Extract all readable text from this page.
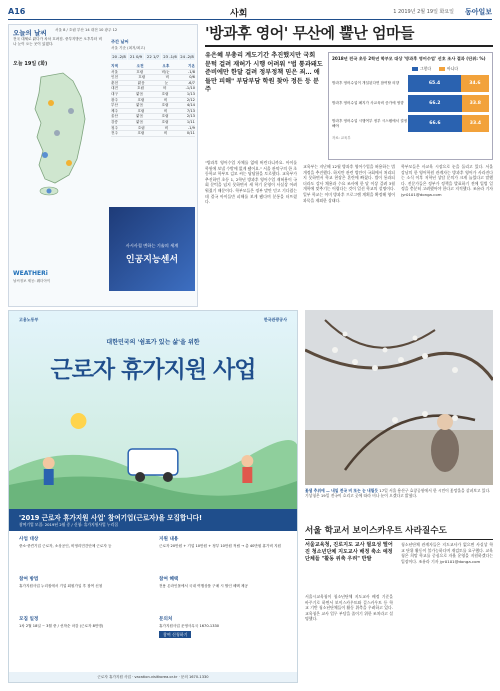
A16	사회	1 2019년 2월 19일 화요일 동아일보
오늘의 날씨 서울 8 / 흐림 부산 14 대전 10 광주 12
전국 대체로 맑다가 차차 흐려짐. 중부지방은 오후부터 비나 눈이 오는 곳이 있겠다.
오늘 19일 (화)
주간 날씨
서울 기준 (최저/최고)
20 -2/8	21 0/9	22 1/7	23 -1/6 24 -2/8
지역	오전	오후	기온
서울	흐림	비/눈	-1/8
인천	흐림	비	0/6
춘천	맑음	눈	-6/7
대전	흐림	비	-1/10
대구	맑음	흐림	1/13
광주	흐림	비	2/12
부산	맑음	흐림	4/14
제주	흐림	비	7/13
울산	맑음	흐림	2/13
강릉	맑음	흐림	1/11
청주	흐림	비	-1/9
전주	흐림	비	0/11
사시사철 변하는 기술의 세계
인공지능센서
WEATHERi
날씨정보 제공: 웨더아이
'방과후 영어' 무산에 뿔난 엄마들
유은혜 부총리 계도기간 추진했지만 국회 문턱 걸려 재허가 시행 어려워 "법 통과돼도 준비에만 한달 걸려 정부정책 믿은 죄… 애들만 피해" 부담부담 학원 찾아 정든 등 분주
2018년 전국 초등 2학년 학부모 대상 '방과후 영어수업' 선호 조사 결과 (단위: %)
그렇다	아니다
방과후 영어수업이 개설된다면 참여할 의향	65.4	34.6
방과후 영어수업 폐지가 사교육비 증가에 영향	66.2	33.8
방과후 영어수업 시행여부 정부 시스템에서 결정해야	66.6	33.4
자료: 교육부
"방과후 영어수업 자체를 없애 버린다니까요. 아이를 학원에 보낼 수밖에 없게 됐어요." 서울 관악구의 한 초등학교 학부모 김모 씨는 답답함을 토로했다. 교육부가 추진하던 초등 1, 2학년 방과후 영어수업 재허용이 국회 문턱을 넘지 못하면서 새 학기 운영이 사실상 어려워졌기 때문이다. 학부모들은 정부 말만 믿고 기다렸는데 결국 아이들만 피해를 보게 됐다며 분통을 터뜨렸다.
교육부는 지난해 12월 방과후 영어수업을 허용하는 법 개정을 추진했다. 하지만 관련 법안이 국회에서 처리되지 못하면서 학교 현장은 혼란에 빠졌다. 법이 통과되더라도 강사 채용과 수요 조사에 한 달 이상 걸려 3월 개학에 맞추기는 어렵다는 것이 일선 학교의 설명이다. 일부 학교는 이미 방과후 프로그램 계획을 확정해 영어 과목을 제외한 상태다.
학부모들은 사교육 시장으로 눈을 돌리고 있다. 서울 강남의 한 영어학원 관계자는 방과후 영어가 사라진다는 소식 이후 저학년 상담 문의가 크게 늘었다고 말했다. 전문가들은 정부가 정책을 발표하기 전에 입법 일정을 충분히 고려했어야 한다고 지적했다. 조유라 기자 jyr0101@donga.com
고용노동부	한국관광공사
대한민국의 '쉼표가 있는 삶'을 위한
근로자 휴가지원 사업
'2019 근로자 휴가지원 사업' 참여기업(근로자)을 모집합니다!
참여기업 모집: 2019년 2월 중 / 신청: 휴가지원사업 누리집
사업 대상
중소·중견기업 근로자, 소상공인, 비영리민간단체 근로자 등
지원 내용
근로자 20만원 + 기업 10만원 + 정부 10만원 적립 → 총 40만원 휴가비 지원
참여 방법
휴가지원사업 누리집에서 기업 회원가입 후 참여 신청
참여 혜택
전용 온라인몰에서 국내 여행상품 구매 시 할인 혜택 제공
모집 일정
1차 2월 18일 ~ 3월 중 / 선착순 마감 (근로자 8만명)
문의처
휴가지원사업 운영사무국 1670-1330
참여 신청하기
근로자 휴가지원 사업 · vacation.visitkorea.or.kr · 문의 1670-1330
꽃샘 추위에 — 내일 전국 비 또는 눈 내릴듯 17일 서울 용산구 효창공원에서 한 시민이 꽃망울을 살펴보고 있다. 기상청은 19일 전국이 흐리고 곳에 따라 비나 눈이 오겠다고 밝혔다.
서울 학교서 보이스카우트 사라질수도
서울교육청, 진로지도 교사 필요성 떨어진 청소년단체 지도교사 배정 축소 예정 단체들 "활동 위축 우려" 반발
서울시교육청이 청소년단체 지도교사 배정 기준을 바꾸기로 하면서 보이스카우트와 걸스카우트 등 학교 기반 청소년단체들이 활동 위축을 우려하고 있다. 교육청은 교사 업무 부담을 줄이기 위한 조치라고 설명했다.
청소년단체 관계자들은 지도교사가 없으면 사실상 학교 단위 활동이 불가능하다며 재검토를 요구했다. 교육청은 희망 학교를 중심으로 자율 운영을 지원하겠다는 입장이다. 조유라 기자 jyr0101@donga.com
